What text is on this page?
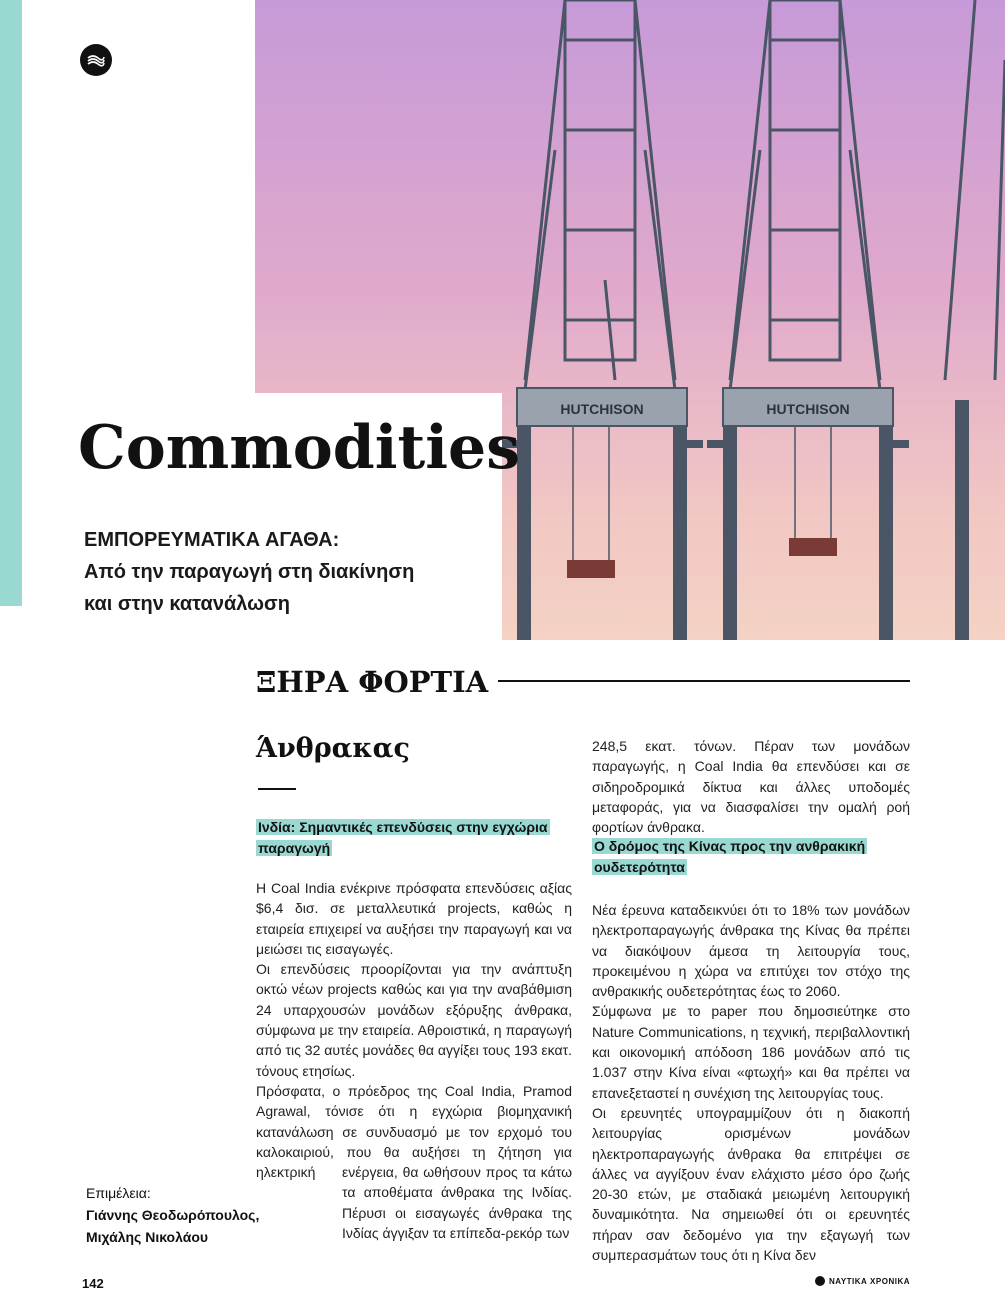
HUTCHISON	HUTCHISON
Commodities
ΕΜΠΟΡΕΥΜΑΤΙΚΑ ΑΓΑΘΑ:
Από την παραγωγή στη διακίνηση
και στην κατανάλωση
ΞΗΡΑ ΦΟΡΤΙΑ
Άνθρακας
Ινδία: Σημαντικές επενδύσεις στην εγχώρια παραγωγή

Η Coal India ενέκρινε πρόσφατα επενδύσεις αξίας $6,4 δισ. σε μεταλλευτικά projects, καθώς η εταιρεία επιχειρεί να αυξήσει την παραγωγή και να μειώσει τις εισαγωγές.

Οι επενδύσεις προορίζονται για την ανάπτυξη οκτώ νέων projects καθώς και για την αναβάθμιση 24 υπαρχουσών μονάδων εξόρυξης άνθρακα, σύμφωνα με την εταιρεία. Αθροιστικά, η παραγωγή από τις 32 αυτές μονάδες θα αγγίξει τους 193 εκατ. τόνους ετησίως.

Πρόσφατα, ο πρόεδρος της Coal India, Pramod Agrawal, τόνισε ότι η εγχώρια βιομηχανική κατανάλωση σε συνδυασμό με τον ερχομό του καλοκαιριού, που θα αυξήσει τη ζήτηση για ηλεκτρική	ενέργεια, θα ωθήσουν προς τα κάτω τα αποθέματα άνθρακα της Ινδίας. Πέρυσι οι εισαγωγές άνθρακα της Ινδίας άγγιξαν τα επίπεδα-ρεκόρ των

248,5 εκατ. τόνων. Πέραν των μονάδων παραγωγής, η Coal India θα επενδύσει και σε σιδηροδρομικά δίκτυα και άλλες υποδομές μεταφοράς, για να διασφαλίσει την ομαλή ροή φορτίων άνθρακα.

Ο δρόμος της Κίνας προς την ανθρακική ουδετερότητα

Νέα έρευνα καταδεικνύει ότι το 18% των μονάδων ηλεκτροπαραγωγής άνθρακα της Κίνας θα πρέπει να διακόψουν άμεσα τη λειτουργία τους, προκειμένου η χώρα να επιτύχει τον στόχο της ανθρακικής ουδετερότητας έως το 2060.

Σύμφωνα με το paper που δημοσιεύτηκε στο Nature Communications, η τεχνική, περιβαλλοντική και οικονομική απόδοση 186 μονάδων από τις 1.037 στην Κίνα είναι «φτωχή» και θα πρέπει να επανεξεταστεί η συνέχιση της λειτουργίας τους.

Οι ερευνητές υπογραμμίζουν ότι η διακοπή λειτουργίας ορισμένων μονάδων ηλεκτροπαραγωγής άνθρακα θα επιτρέψει σε άλλες να αγγίξουν έναν ελάχιστο μέσο όρο ζωής 20-30 ετών, με σταδιακά μειωμένη λειτουργική δυναμικότητα. Να σημειωθεί ότι οι ερευνητές πήραν σαν δεδομένο για την εξαγωγή των συμπερασμάτων τους ότι η Κίνα δεν

Επιμέλεια:
Γιάννης Θεοδωρόπουλος,
Μιχάλης Νικολάου
142	ΝΑΥΤΙΚΑ ΧΡΟΝΙΚΑ
